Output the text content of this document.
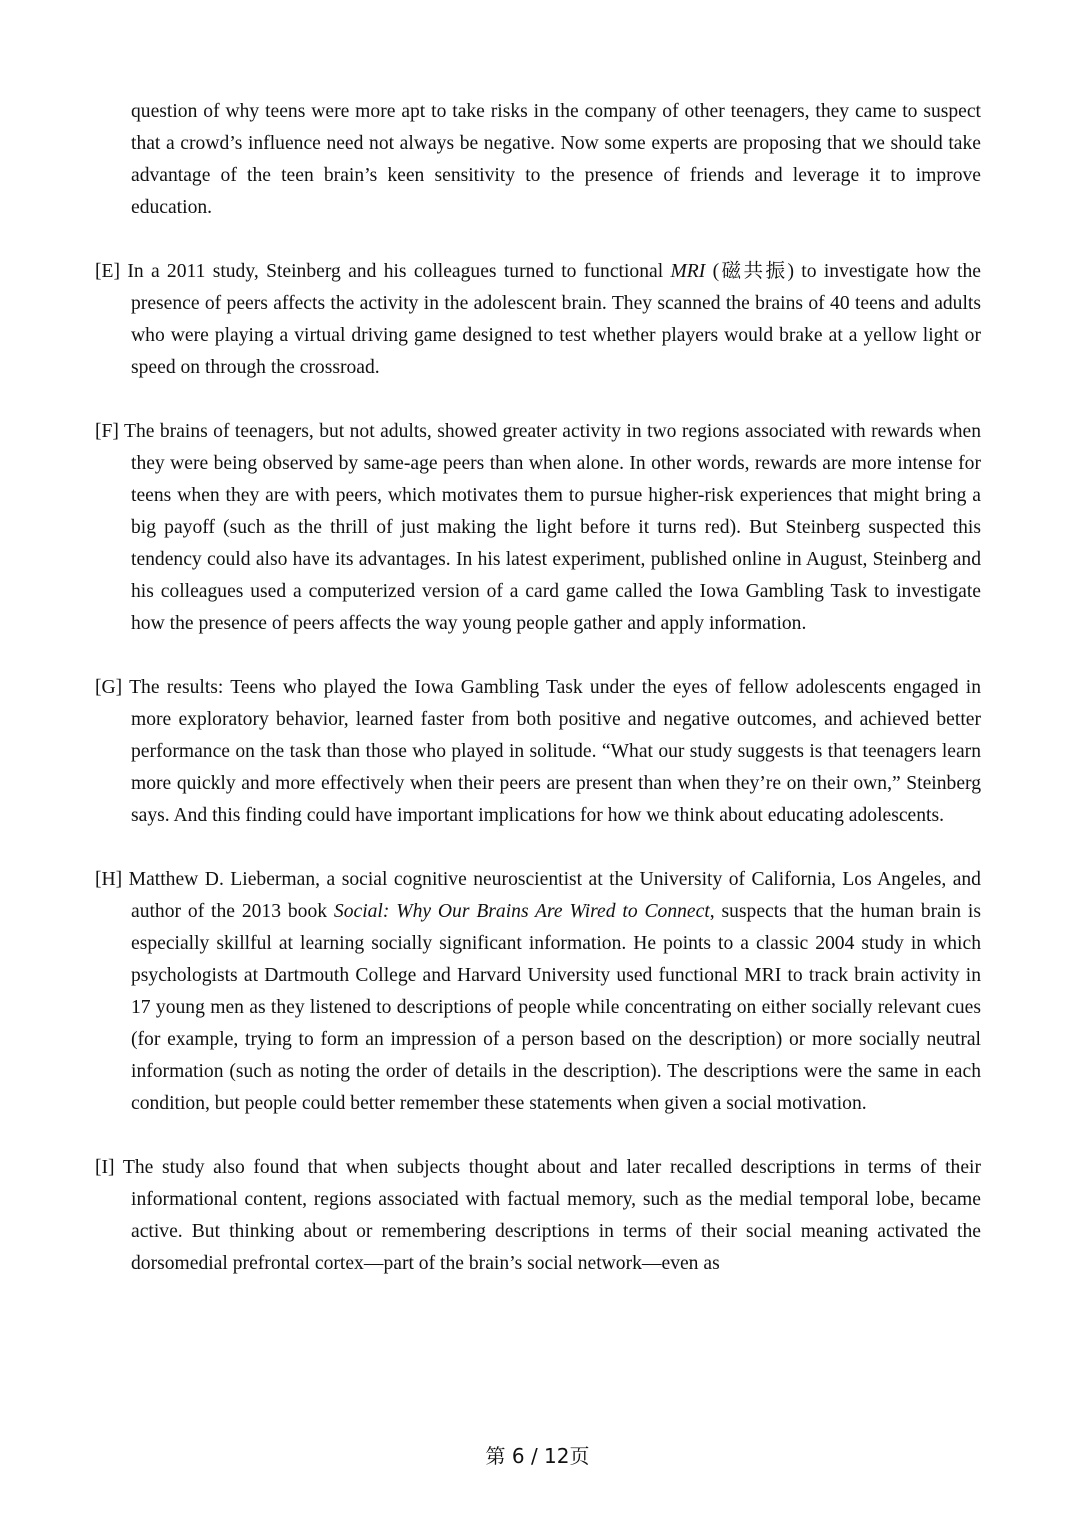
question of why teens were more apt to take risks in the company of other teenagers, they came to suspect that a crowd’s influence need not always be negative. Now some experts are proposing that we should take advantage of the teen brain’s keen sensitivity to the presence of friends and leverage it to improve education.

[E] In a 2011 study, Steinberg and his colleagues turned to functional MRI (磁共振) to investigate how the presence of peers affects the activity in the adolescent brain. They scanned the brains of 40 teens and adults who were playing a virtual driving game designed to test whether players would brake at a yellow light or speed on through the crossroad.

[F] The brains of teenagers, but not adults, showed greater activity in two regions associated with rewards when they were being observed by same-age peers than when alone. In other words, rewards are more intense for teens when they are with peers, which motivates them to pursue higher-risk experiences that might bring a big payoff (such as the thrill of just making the light before it turns red). But Steinberg suspected this tendency could also have its advantages. In his latest experiment, published online in August, Steinberg and his colleagues used a computerized version of a card game called the Iowa Gambling Task to investigate how the presence of peers affects the way young people gather and apply information.

[G] The results: Teens who played the Iowa Gambling Task under the eyes of fellow adolescents engaged in more exploratory behavior, learned faster from both positive and negative outcomes, and achieved better performance on the task than those who played in solitude. “What our study suggests is that teenagers learn more quickly and more effectively when their peers are present than when they’re on their own,” Steinberg says. And this finding could have important implications for how we think about educating adolescents.

[H] Matthew D. Lieberman, a social cognitive neuroscientist at the University of California, Los Angeles, and author of the 2013 book Social: Why Our Brains Are Wired to Connect, suspects that the human brain is especially skillful at learning socially significant information. He points to a classic 2004 study in which psychologists at Dartmouth College and Harvard University used functional MRI to track brain activity in 17 young men as they listened to descriptions of people while concentrating on either socially relevant cues (for example, trying to form an impression of a person based on the description) or more socially neutral information (such as noting the order of details in the description). The descriptions were the same in each condition, but people could better remember these statements when given a social motivation.

[I] The study also found that when subjects thought about and later recalled descriptions in terms of their informational content, regions associated with factual memory, such as the medial temporal lobe, became active. But thinking about or remembering descriptions in terms of their social meaning activated the dorsomedial prefrontal cortex—part of the brain’s social network—even as

第 6 / 12页
